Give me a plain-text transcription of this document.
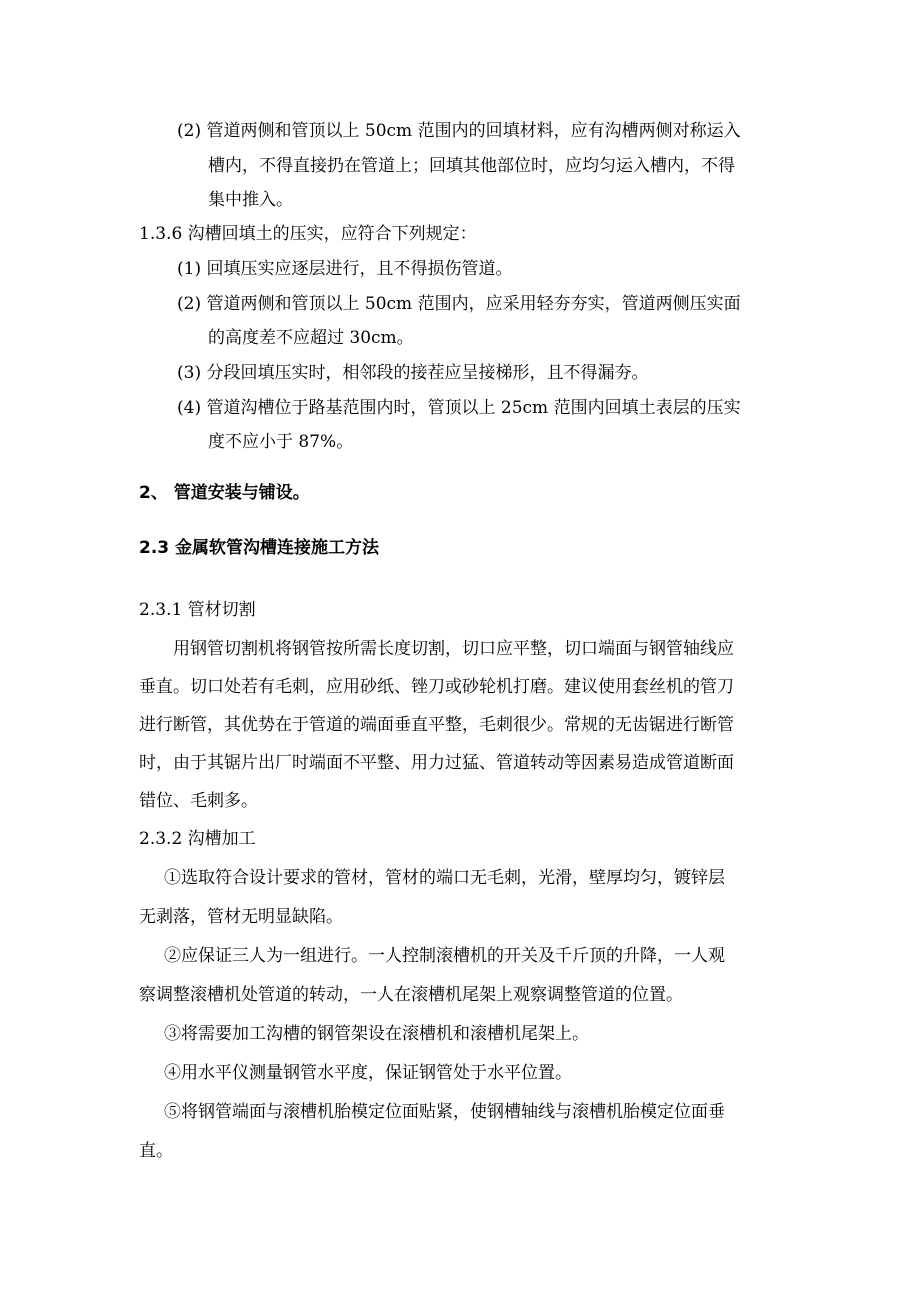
(2) 管道两侧和管顶以上 50cm 范围内的回填材料，应有沟槽两侧对称运入
槽内，不得直接扔在管道上；回填其他部位时，应均匀运入槽内，不得
集中推入。
1.3.6 沟槽回填土的压实，应符合下列规定：
(1) 回填压实应逐层进行，且不得损伤管道。
(2) 管道两侧和管顶以上 50cm 范围内，应采用轻夯夯实，管道两侧压实面
的高度差不应超过 30cm。
(3) 分段回填压实时，相邻段的接茬应呈接梯形，且不得漏夯。
(4) 管道沟槽位于路基范围内时，管顶以上 25cm 范围内回填土表层的压实
度不应小于 87%。
2、 管道安装与铺设。
2.3 金属软管沟槽连接施工方法
2.3.1 管材切割
用钢管切割机将钢管按所需长度切割，切口应平整，切口端面与钢管轴线应
垂直。切口处若有毛刺，应用砂纸、锉刀或砂轮机打磨。建议使用套丝机的管刀
进行断管，其优势在于管道的端面垂直平整，毛刺很少。常规的无齿锯进行断管
时，由于其锯片出厂时端面不平整、用力过猛、管道转动等因素易造成管道断面
错位、毛刺多。
2.3.2 沟槽加工
①选取符合设计要求的管材，管材的端口无毛刺，光滑，壁厚均匀，镀锌层
无剥落，管材无明显缺陷。
②应保证三人为一组进行。一人控制滚槽机的开关及千斤顶的升降，一人观
察调整滚槽机处管道的转动，一人在滚槽机尾架上观察调整管道的位置。
③将需要加工沟槽的钢管架设在滚槽机和滚槽机尾架上。
④用水平仪测量钢管水平度，保证钢管处于水平位置。
⑤将钢管端面与滚槽机胎模定位面贴紧，使钢槽轴线与滚槽机胎模定位面垂
直。
